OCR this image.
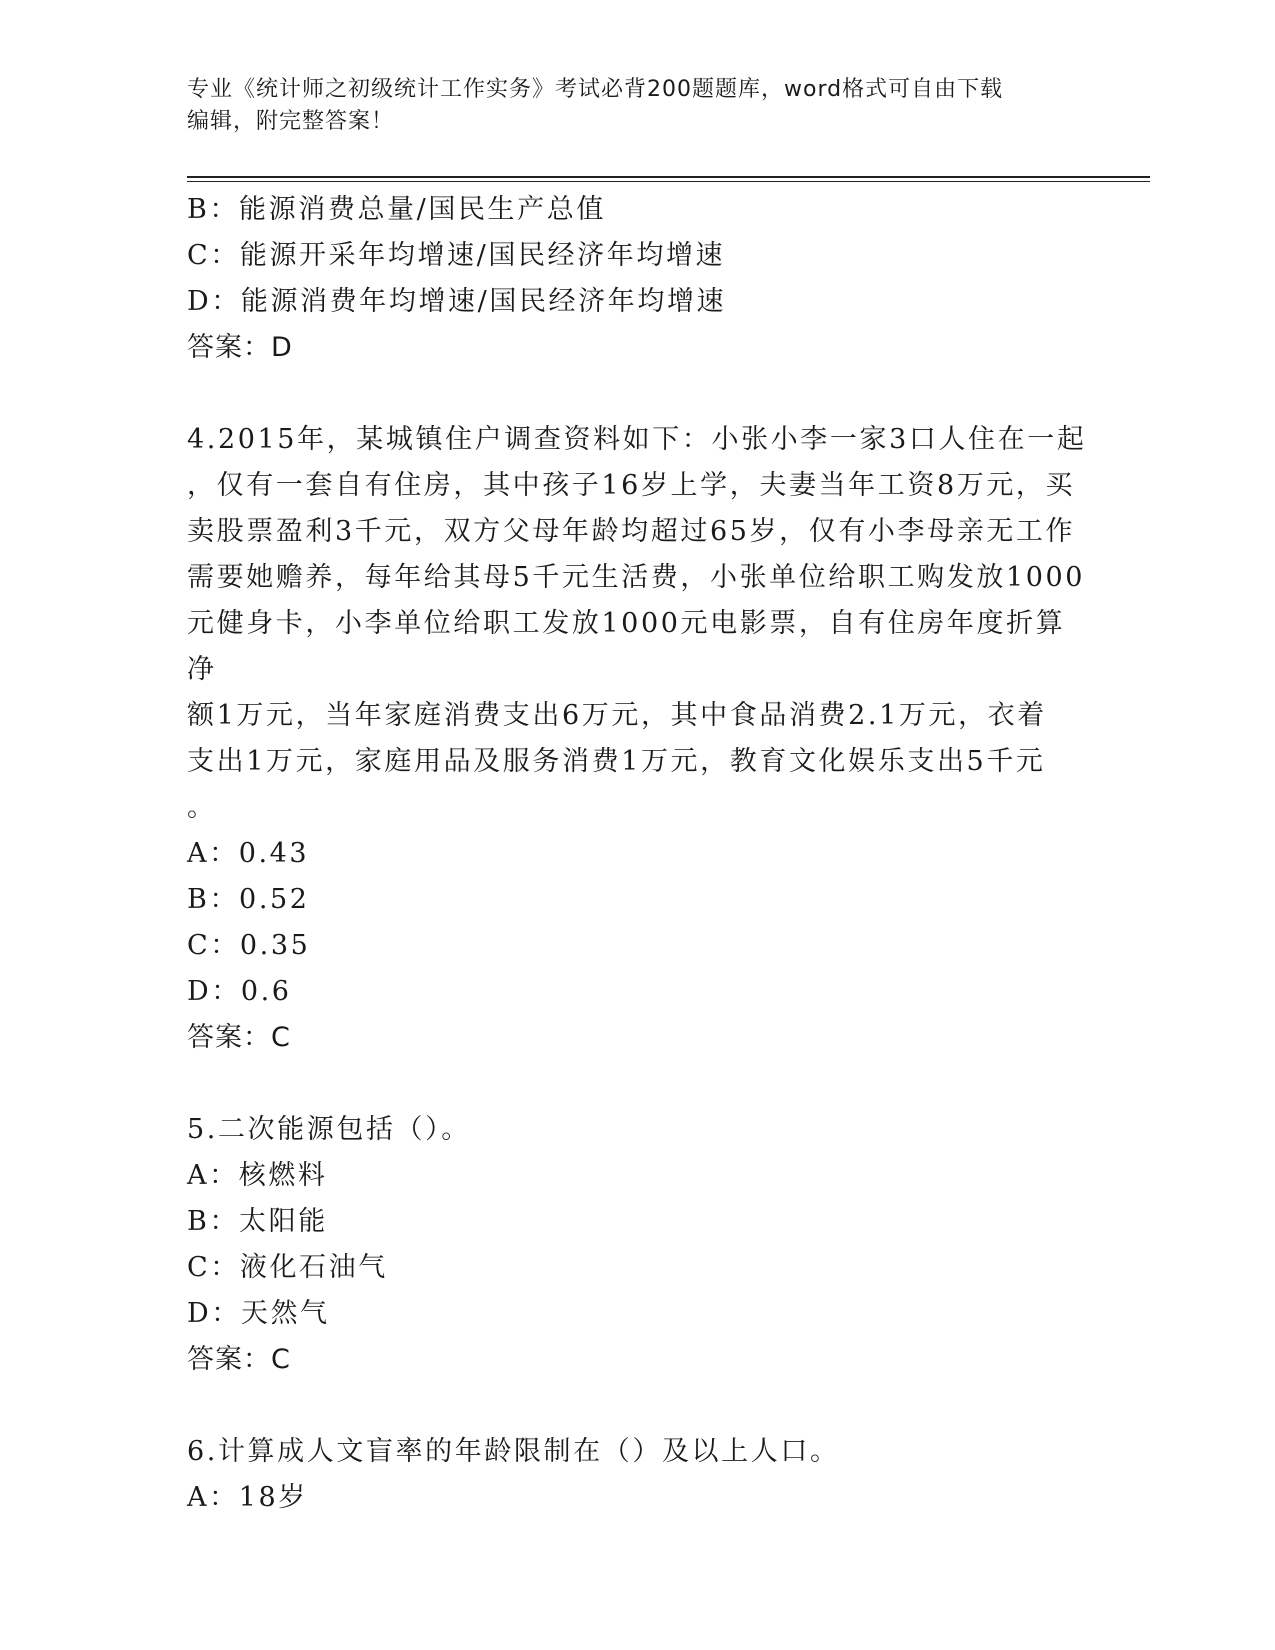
专业《统计师之初级统计工作实务》考试必背200题题库，word格式可自由下载
编辑，附完整答案！

B：能源消费总量/国民生产总值

C：能源开采年均增速/国民经济年均增速

D：能源消费年均增速/国民经济年均增速

答案：D

4.2015年，某城镇住户调查资料如下：小张小李一家3口人住在一起

，仅有一套自有住房，其中孩子16岁上学，夫妻当年工资8万元，买

卖股票盈利3千元，双方父母年龄均超过65岁，仅有小李母亲无工作

需要她赡养，每年给其母5千元生活费，小张单位给职工购发放1000

元健身卡，小李单位给职工发放1000元电影票，自有住房年度折算净

额1万元，当年家庭消费支出6万元，其中食品消费2.1万元，衣着

支出1万元，家庭用品及服务消费1万元，教育文化娱乐支出5千元

。

A：0.43

B：0.52

C：0.35

D：0.6

答案：C

5.二次能源包括（）。

A：核燃料

B：太阳能

C：液化石油气

D：天然气

答案：C

6.计算成人文盲率的年龄限制在（）及以上人口。

A：18岁
